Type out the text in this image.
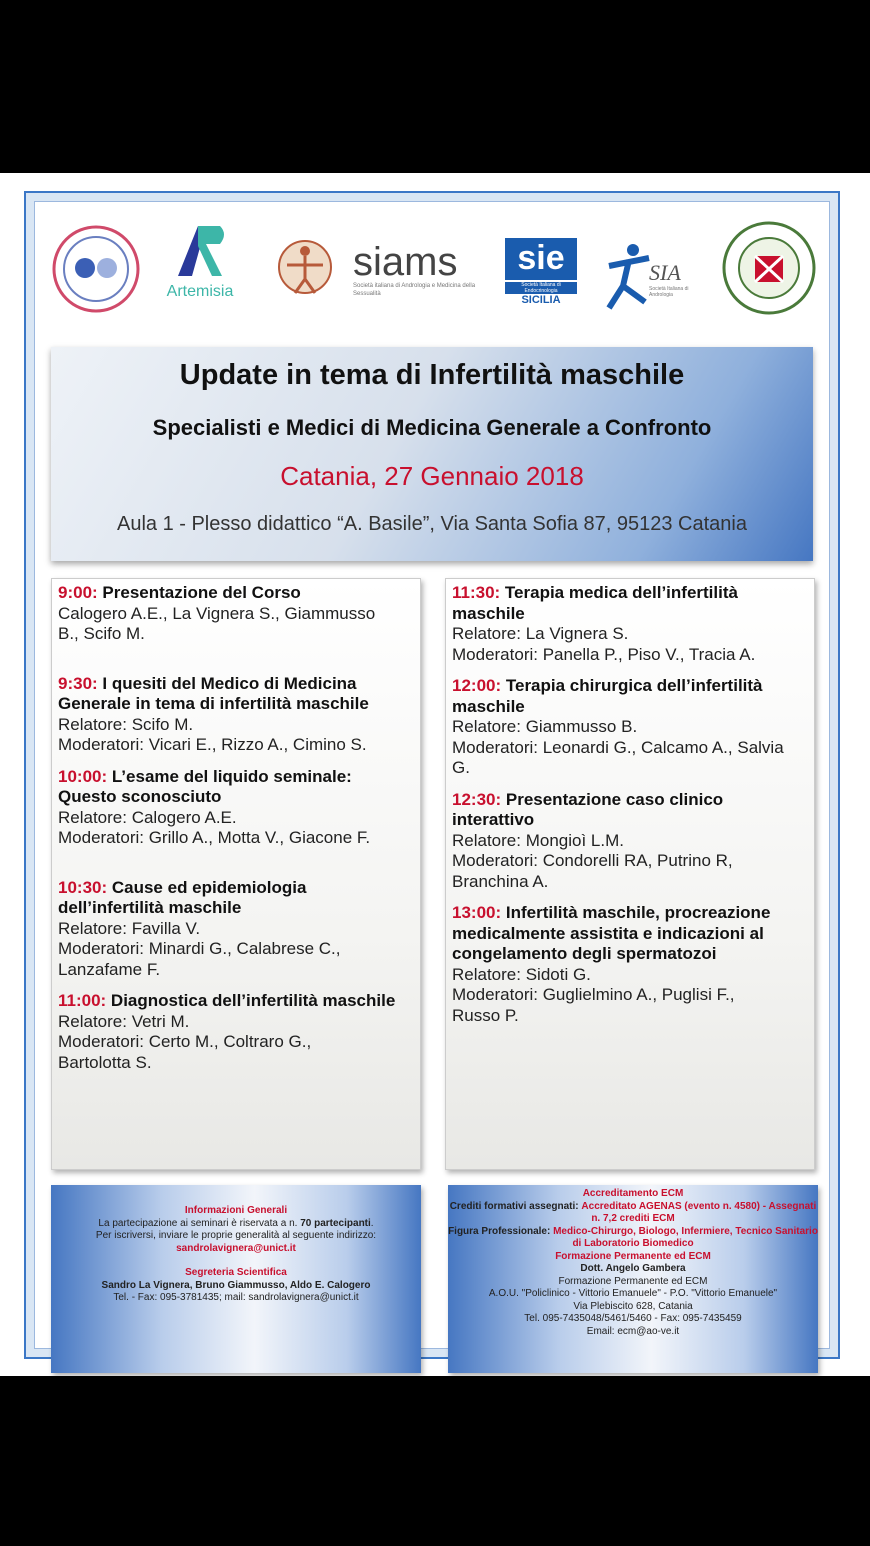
Artemisia
siams
Società italiana di Andrologia e Medicina della Sessualità
sie
Società Italiana di Endocrinologia
SICILIA
SIA
Società Italiana di Andrologia
Update in tema di Infertilità maschile
Specialisti e Medici di Medicina Generale a Confronto
Catania, 27 Gennaio 2018
Aula 1 - Plesso didattico “A. Basile”, Via Santa Sofia 87, 95123 Catania
9:00: Presentazione del Corso
Calogero A.E., La Vignera S., Giammusso
B., Scifo M.
9:30: I quesiti del Medico di Medicina Generale in tema di infertilità maschile
Relatore: Scifo M.
Moderatori: Vicari E., Rizzo A., Cimino S.
10:00: L’esame del liquido seminale: Questo sconosciuto
Relatore: Calogero A.E.
Moderatori: Grillo A., Motta V., Giacone F.
10:30: Cause ed epidemiologia dell’infertilità maschile
Relatore: Favilla V.
Moderatori: Minardi G., Calabrese C.,
Lanzafame F.
11:00: Diagnostica dell’infertilità maschile
Relatore: Vetri M.
Moderatori: Certo M., Coltraro G.,
Bartolotta S.
11:30: Terapia medica dell’infertilità maschile
Relatore: La Vignera S.
Moderatori: Panella P., Piso V., Tracia A.
12:00: Terapia chirurgica dell’infertilità maschile
Relatore: Giammusso B.
Moderatori: Leonardi G., Calcamo A., Salvia
G.
12:30: Presentazione caso clinico interattivo
Relatore: Mongioì L.M.
Moderatori: Condorelli RA, Putrino R,
Branchina A.
13:00: Infertilità maschile, procreazione medicalmente assistita e indicazioni al congelamento degli spermatozoi
Relatore: Sidoti G.
Moderatori: Guglielmino A., Puglisi F.,
Russo P.
Informazioni Generali
La partecipazione ai seminari è riservata a n. 70 partecipanti.
Per iscriversi, inviare le proprie generalità al seguente indirizzo:
sandrolavignera@unict.it
Segreteria Scientifica
Sandro La Vignera, Bruno Giammusso, Aldo E. Calogero
Tel. - Fax: 095-3781435; mail: sandrolavignera@unict.it
Accreditamento ECM
Crediti formativi assegnati: Accreditato AGENAS (evento n. 4580) - Assegnati n. 7,2 crediti ECM
Figura Professionale: Medico-Chirurgo, Biologo, Infermiere, Tecnico Sanitario di Laboratorio Biomedico
Formazione Permanente ed ECM
Dott. Angelo Gambera
Formazione Permanente ed ECM
A.O.U. "Policlinico - Vittorio Emanuele" - P.O. "Vittorio Emanuele"
Via Plebiscito 628, Catania
Tel. 095-7435048/5461/5460 - Fax: 095-7435459
Email: ecm@ao-ve.it
